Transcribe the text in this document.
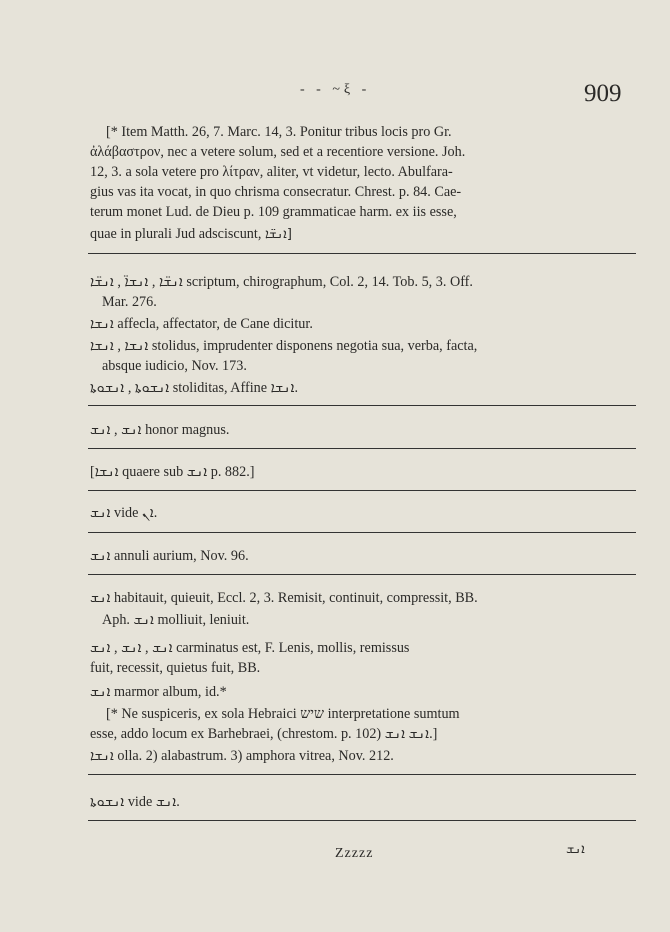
- - ~ξ -	909
[* Item Matth. 26, 7. Marc. 14, 3. Ponitur tribus locis pro Gr.
ἀλάβαστρον, nec a vetere solum, sed et a recentiore versione. Joh.
12, 3. a sola vetere pro λίτραν, aliter, vt videtur, lecto. Abulfara-
gius vas ita vocat, in quo chrisma consecratur. Chrest. p. 84. Cae-
terum monet Lud. de Dieu p. 109 grammaticae harm. ex iis esse,
quae in plurali Jud adsciscunt, ܐܢܫ̈ܐ]
ܐܢܫ̈ܐ , ܐܢܫܐ̈ , ܐܢܫ̈ܐ scriptum, chirographum, Col. 2, 14. Tob. 5, 3. Off.
Mar. 276.
ܐܢܫܐ affecla, affectator, de Cane dicitur.
ܐܢܫܐ , ܐܢܫܐ stolidus, imprudenter disponens negotia sua, verba, facta,
absque iudicio, Nov. 173.
ܐܢܫܘܬܐ , ܐܢܫܘܬܐ stoliditas, Affine ܐܢܫܐ.
ܐܢܫ , ܐܢܫ honor magnus.
[ܐܢܫܐ quaere sub ܐܢܫ p. 882.]
ܐܢܫ vide ܐܢ.
ܐܢܫ annuli aurium, Nov. 96.
ܐܢܫ habitauit, quieuit, Eccl. 2, 3. Remisit, continuit, compressit, BB.
Aph. ܐܢܫ molliuit, leniuit.
ܐܢܫ , ܐܢܫ , ܐܢܫ carminatus est, F. Lenis, mollis, remissus
fuit, recessit, quietus fuit, BB.
ܐܢܫ marmor album, id.*
[* Ne suspiceris, ex sola Hebraici שיש interpretatione sumtum
esse, addo locum ex Barhebraei, (chrestom. p. 102) ܐܢܫ ܐܢܫ.]
ܐܢܫܐ olla. 2) alabastrum. 3) amphora vitrea, Nov. 212.
ܐܢܫܘܬܐ vide ܐܢܫ.
Zzzzz	ܐܢܫ
